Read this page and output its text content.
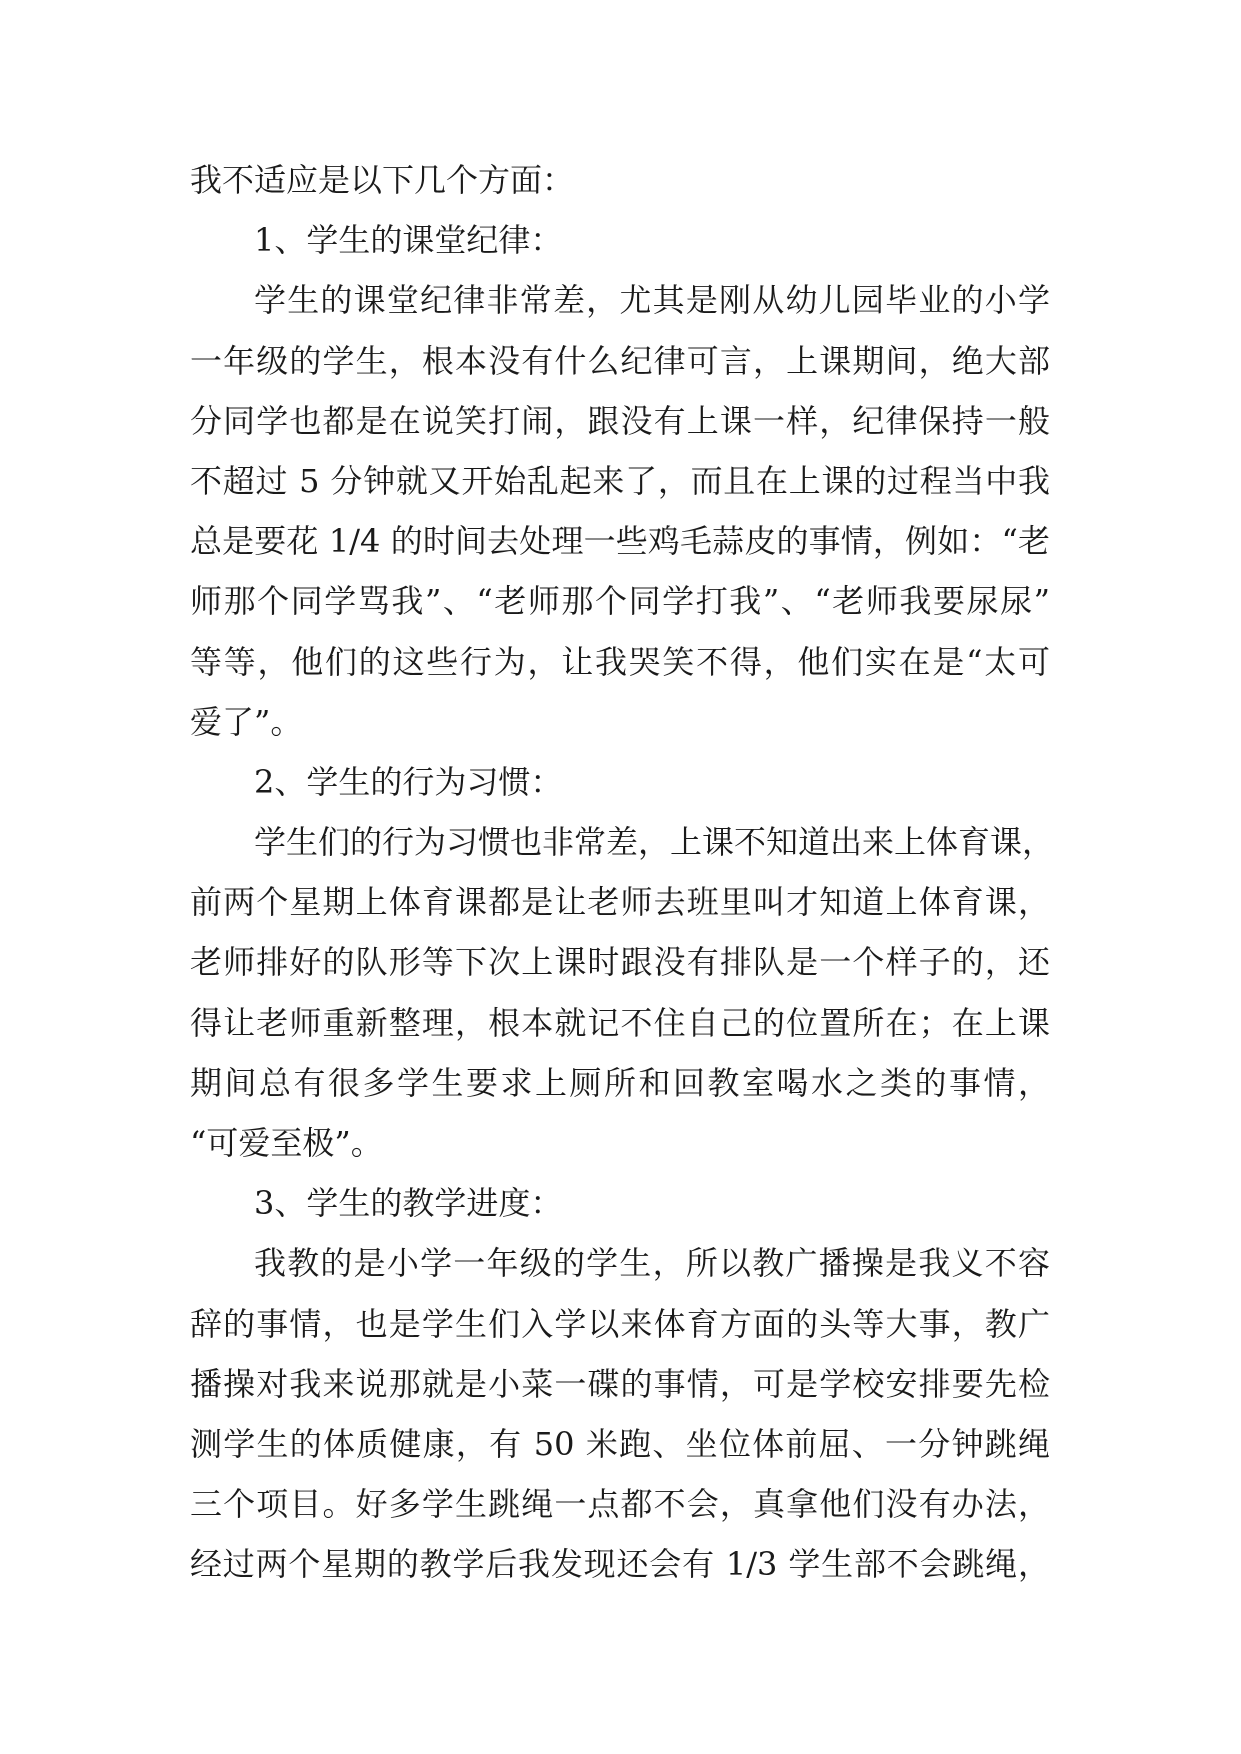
我不适应是以下几个方面：
1、学生的课堂纪律：
学生的课堂纪律非常差，尤其是刚从幼儿园毕业的小学
一年级的学生，根本没有什么纪律可言，上课期间，绝大部
分同学也都是在说笑打闹，跟没有上课一样，纪律保持一般
不超过 5 分钟就又开始乱起来了，而且在上课的过程当中我
总是要花 1/4 的时间去处理一些鸡毛蒜皮的事情，例如：“老
师那个同学骂我”、“老师那个同学打我”、“老师我要尿尿”
等等，他们的这些行为，让我哭笑不得，他们实在是“太可
爱了”。
2、学生的行为习惯：
学生们的行为习惯也非常差，上课不知道出来上体育课，
前两个星期上体育课都是让老师去班里叫才知道上体育课，
老师排好的队形等下次上课时跟没有排队是一个样子的，还
得让老师重新整理，根本就记不住自己的位置所在；在上课
期间总有很多学生要求上厕所和回教室喝水之类的事情，
“可爱至极”。
3、学生的教学进度：
我教的是小学一年级的学生，所以教广播操是我义不容
辞的事情，也是学生们入学以来体育方面的头等大事，教广
播操对我来说那就是小菜一碟的事情，可是学校安排要先检
测学生的体质健康，有 50 米跑、坐位体前屈、一分钟跳绳
三个项目。好多学生跳绳一点都不会，真拿他们没有办法，
经过两个星期的教学后我发现还会有 1/3 学生部不会跳绳，
